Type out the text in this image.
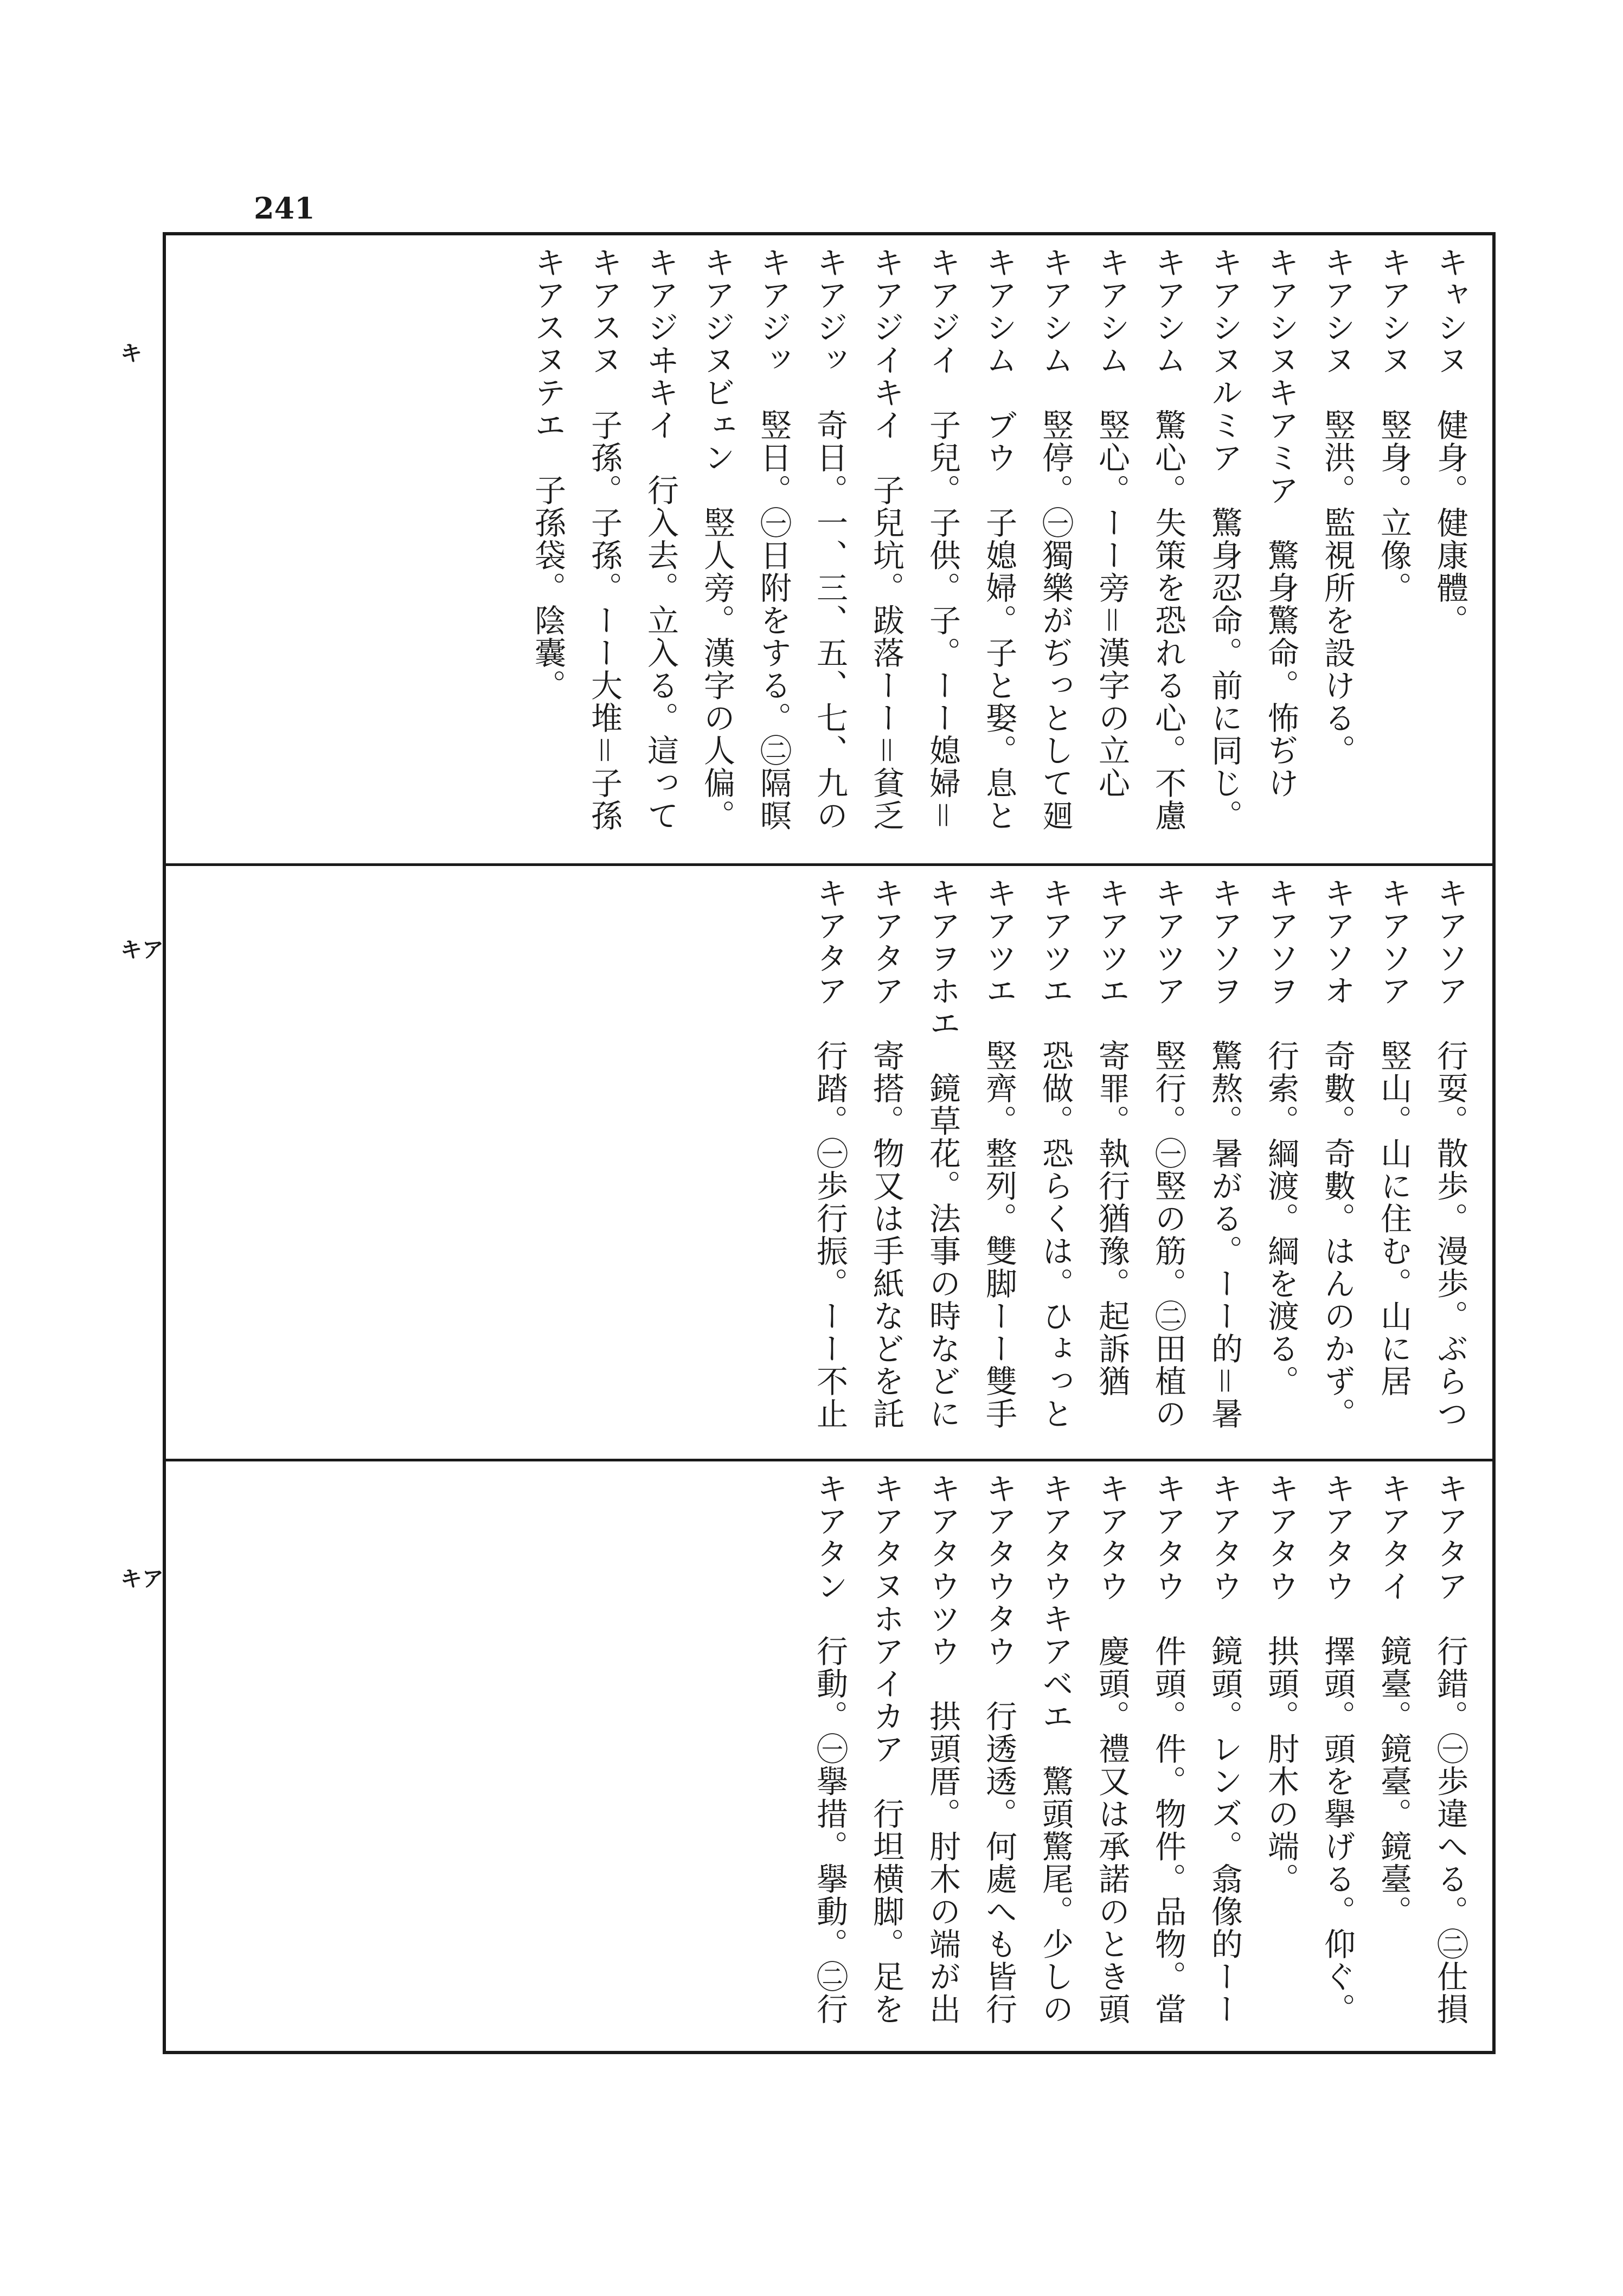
241
キ
キア
キア
キャシヌ　健身。健康體。
キアシヌ　竪身。立像。
キアシヌ　竪洪。監視所を設ける。
キアシヌキアミア　驚身驚命。怖ぢけ
キアシヌルミア　驚身忍命。前に同じ。
キアシム　驚心。失策を恐れる心。不慮
キアシム　竪心。ーー旁＝漢字の立心
キアシム　竪停。㊀獨樂がぢっとして廻
キアシム　ブウ　子媳婦。子と娶。息と
キアジイ　子兒。子供。子。ーー媳婦＝
キアジイキイ　子兒坑。跋落ーー＝貧乏
キアジッ　奇日。一、三、五、七、九の
キアジッ　竪日。㊀日附をする。㊁隔暝
キアジヌビェン　竪人旁。漢字の人偏。
キアジヰキイ　行入去。立入る。這って
キアスヌ　子孫。子孫。ーー大堆＝子孫
キアスヌテエ　子孫袋。陰囊。
キアソア　行耍。散歩。漫歩。ぶらつ
キアソア　竪山。山に住む。山に居
キアソオ　奇數。奇數。はんのかず。
キアソヲ　行索。綱渡。綱を渡る。
キアソヲ　驚熬。暑がる。ーー的＝暑
キアツア　竪行。㊀竪の筋。㊁田植の
キアツエ　寄罪。執行猶豫。起訴猶
キアツエ　恐做。恐らくは。ひょっと
キアツエ　竪齊。整列。雙脚ーー雙手
キアヲホエ　鏡草花。法事の時などに
キアタア　寄搭。物又は手紙などを託
キアタア　行踏。㊀歩行振。ーー不止
キアタア　行錯。㊀歩違へる。㊁仕損
キアタイ　鏡臺。鏡臺。鏡臺。
キアタウ　擇頭。頭を擧げる。仰ぐ。
キアタウ　拱頭。肘木の端。
キアタウ　鏡頭。レンズ。翕像的ーー
キアタウ　件頭。件。物件。品物。當
キアタウ　慶頭。禮又は承諾のとき頭
キアタウキアベエ　驚頭驚尾。少しの
キアタウタウ　行透透。何處へも皆行
キアタウツウ　拱頭厝。肘木の端が出
キアタヌホアイカア　行坦横脚。足を
キアタン　行動。㊀擧措。擧動。㊁行
